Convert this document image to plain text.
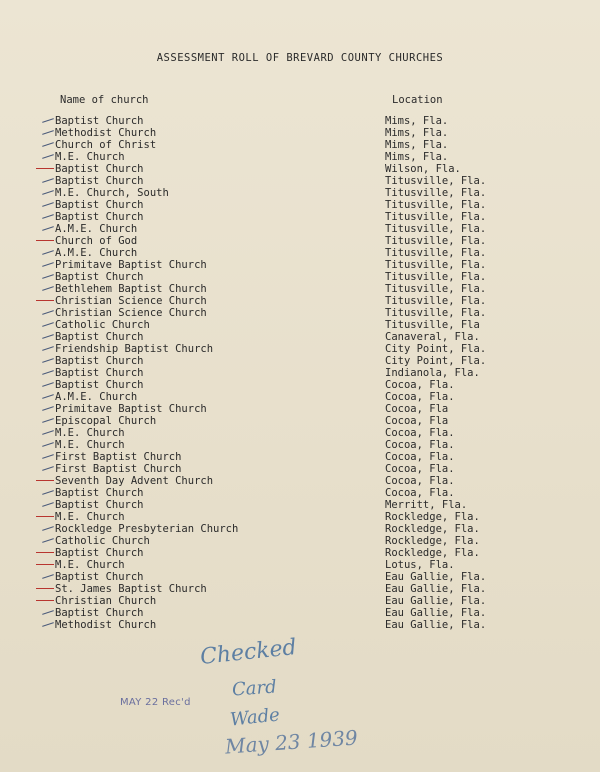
ASSESSMENT ROLL OF BREVARD COUNTY CHURCHES
Name of church	Location
Baptist Church	Mims, Fla.
Methodist Church	Mims, Fla.
Church of Christ	Mims, Fla.
M.E. Church	Mims, Fla.
Baptist Church	Wilson, Fla.
Baptist Church	Titusville, Fla.
M.E. Church, South	Titusville, Fla.
Baptist Church	Titusville, Fla.
Baptist Church	Titusville, Fla.
A.M.E. Church	Titusville, Fla.
Church of God	Titusville, Fla.
A.M.E. Church	Titusville, Fla.
Primitave Baptist Church	Titusville, Fla.
Baptist Church	Titusville, Fla.
Bethlehem Baptist Church	Titusville, Fla.
Christian Science Church	Titusville, Fla.
Christian Science Church	Titusville, Fla.
Catholic Church	Titusville, Fla
Baptist Church	Canaveral, Fla.
Friendship Baptist Church	City Point, Fla.
Baptist Church	City Point, Fla.
Baptist Church	Indianola, Fla.
Baptist Church	Cocoa, Fla.
A.M.E. Church	Cocoa, Fla.
Primitave Baptist Church	Cocoa, Fla
Episcopal Church	Cocoa, Fla
M.E. Church	Cocoa, Fla.
M.E. Church	Cocoa, Fla.
First Baptist Church	Cocoa, Fla.
First Baptist Church	Cocoa, Fla.
Seventh Day Advent Church	Cocoa, Fla.
Baptist Church	Cocoa, Fla.
Baptist Church	Merritt, Fla.
M.E. Church	Rockledge, Fla.
Rockledge Presbyterian Church	Rockledge, Fla.
Catholic Church	Rockledge, Fla.
Baptist Church	Rockledge, Fla.
M.E. Church	Lotus, Fla.
Baptist Church	Eau Gallie, Fla.
St. James Baptist Church	Eau Gallie, Fla.
Christian Church	Eau Gallie, Fla.
Baptist Church	Eau Gallie, Fla.
Methodist Church	Eau Gallie, Fla.
MAY 22 Rec'd
Checked
Card
Wade
May 23 1939
